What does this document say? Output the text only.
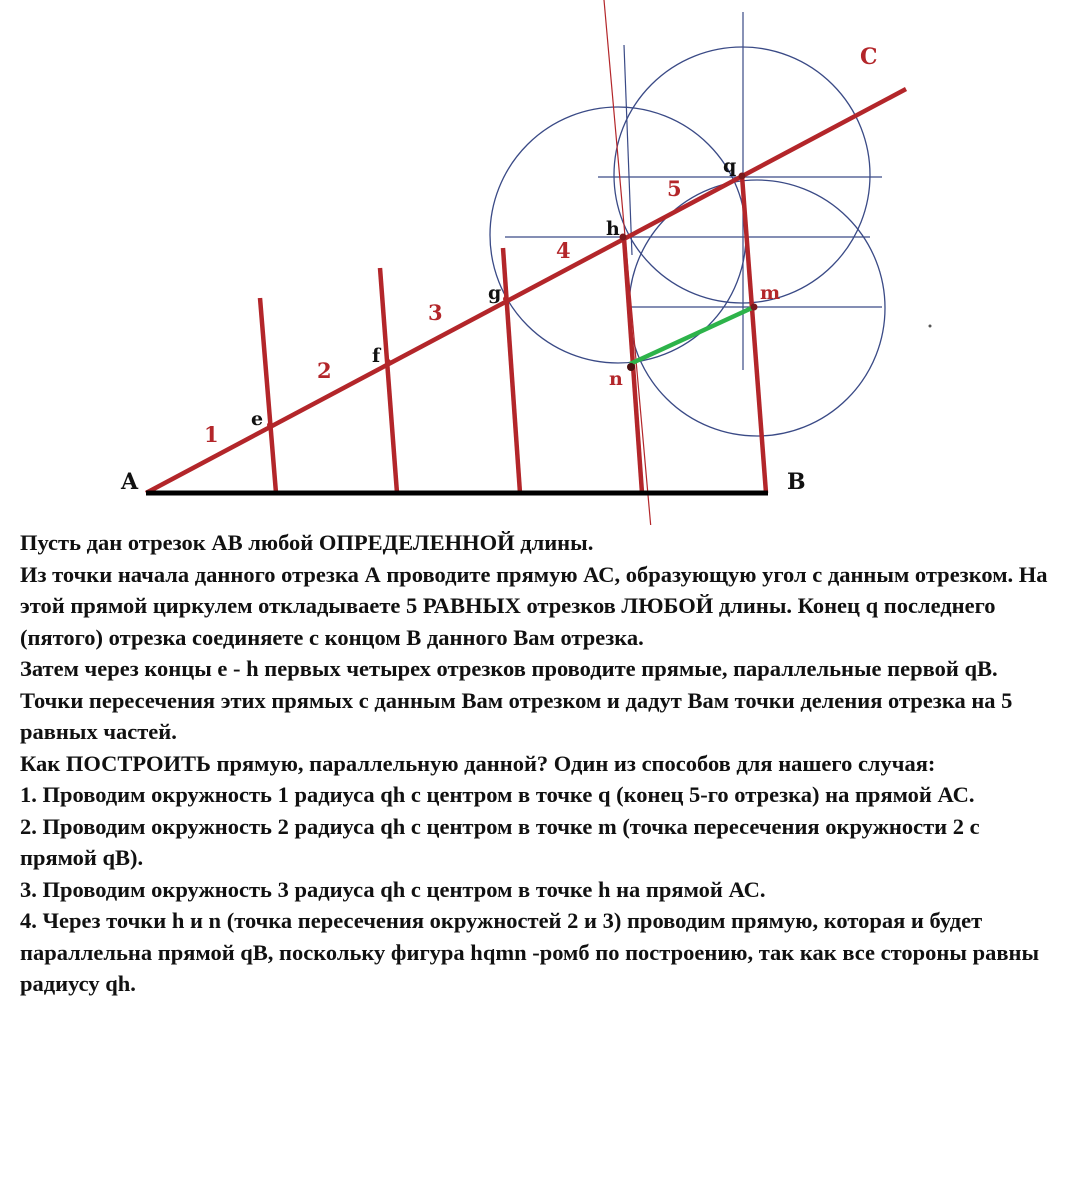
A	B
C
e
f
g
h
q
m
n
1
2
3
4
5

Пусть дан отрезок АВ любой ОПРЕДЕЛЕННОЙ длины.

Из точки начала данного отрезка А проводите прямую АС, образующую угол с данным отрезком. На этой прямой циркулем откладываете 5 РАВНЫХ отрезков ЛЮБОЙ длины. Конец q последнего (пятого) отрезка соединяете с концом В данного Вам отрезка.

Затем через концы e - h первых четырех отрезков проводите прямые, параллельные первой qB.

Точки пересечения этих прямых с данным Вам отрезком и дадут Вам точки деления отрезка на 5 равных частей.

Как ПОСТРОИТЬ прямую, параллельную данной? Один из способов для нашего случая:

1. Проводим окружность 1 радиуса qh с центром в точке q (конец 5-го отрезка) на прямой АС.

2. Проводим окружность 2 радиуса qh с центром в точке m (точка пересечения окружности 2 с прямой qB).

3. Проводим окружность 3 радиуса qh с центром в точке h на прямой АС.

4. Через точки h и n (точка пересечения окружностей 2 и 3) проводим прямую, которая и будет параллельна прямой qB, поскольку фигура hqmn -ромб по построению, так как все стороны равны радиусу qh.
